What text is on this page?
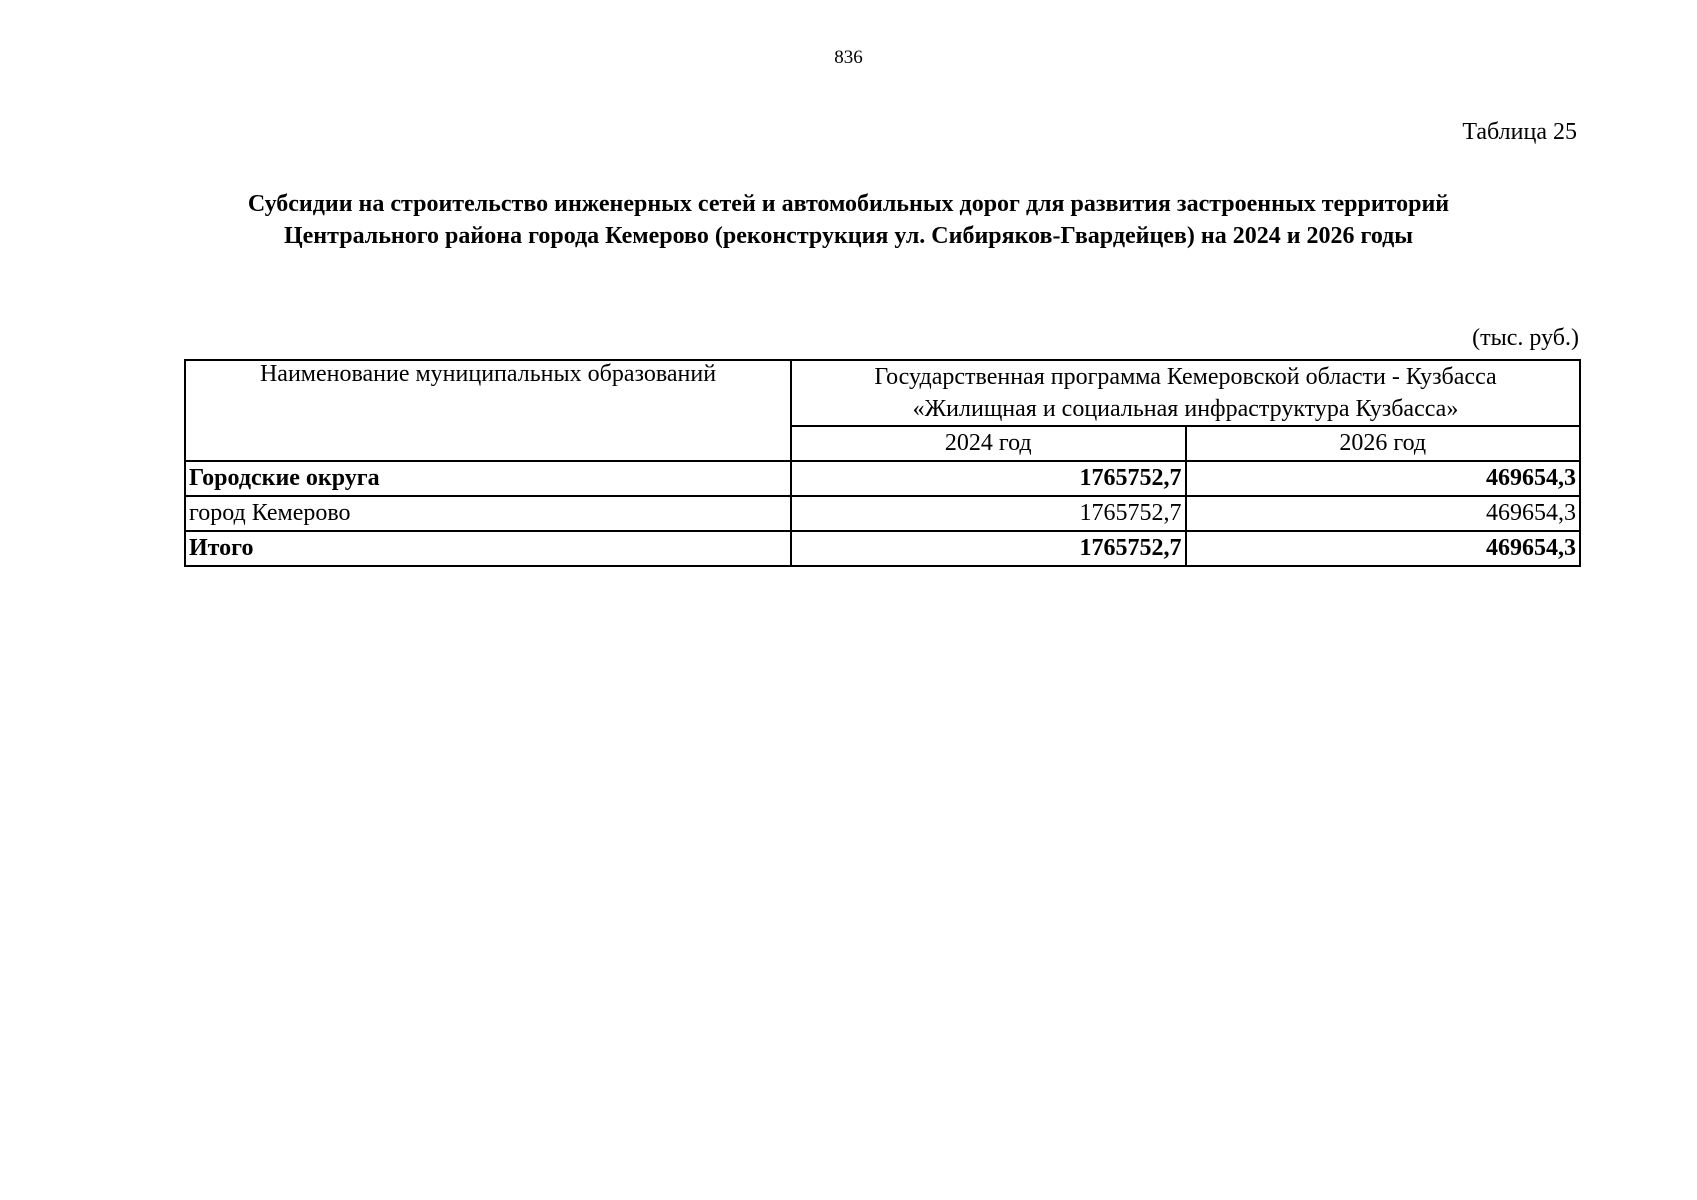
836
Таблица 25
Субсидии на строительство инженерных сетей и автомобильных дорог для развития застроенных территорий
Центрального района города Кемерово (реконструкция ул. Сибиряков-Гвардейцев) на 2024 и 2026 годы
(тыс. руб.)
Наименование муниципальных образований	Государственная программа Кемеровской области - Кузбасса
«Жилищная и социальная инфраструктура Кузбасса»	

	2024 год	2026 год
Городские округа	1765752,7	469654,3
город Кемерово	1765752,7	469654,3
Итого	1765752,7	469654,3
